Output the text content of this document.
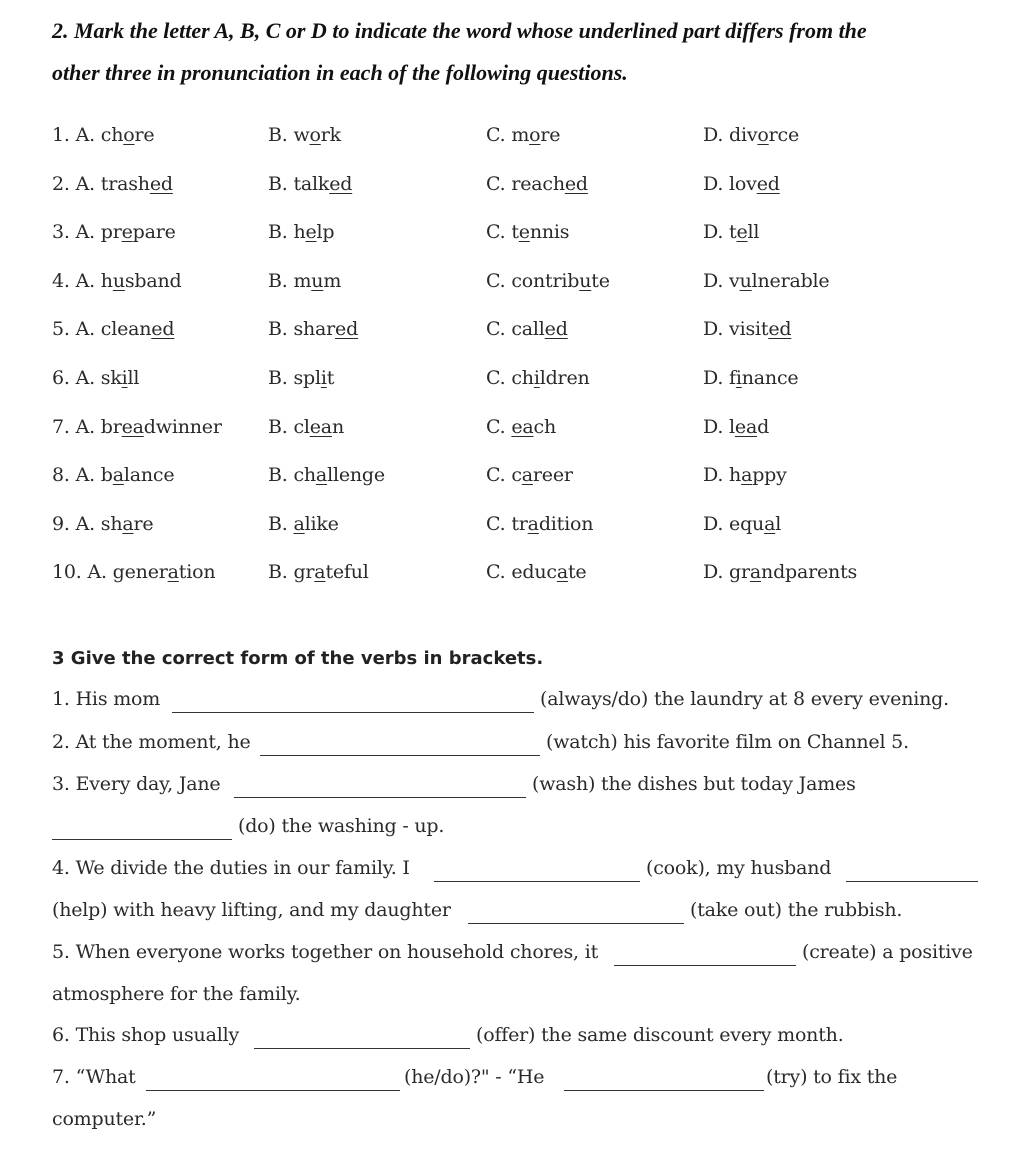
2. Mark the letter A, B, C or D to indicate the word whose underlined part differs from the
other three in pronunciation in each of the following questions.
1. A. chore	B. work	C. more	D. divorce
2. A. trashed	B. talked	C. reached	D. loved
3. A. prepare	B. help	C. tennis	D. tell
4. A. husband	B. mum	C. contribute	D. vulnerable
5. A. cleaned	B. shared	C. called	D. visited
6. A. skill	B. split	C. children	D. finance
7. A. breadwinner B. clean	C. each	D. lead
8. A. balance	B. challenge	C. career	D. happy
9. A. share	B. alike	C. tradition	D. equal
10. A. generation	B. grateful	C. educate	D. grandparents
3 Give the correct form of the verbs in brackets.
1. His mom	(always/do) the laundry at 8 every evening.
2. At the moment, he	(watch) his favorite film on Channel 5.
3. Every day, Jane	(wash) the dishes but today James
(do) the washing - up.
4. We divide the duties in our family. I	(cook), my husband
(help) with heavy lifting, and my daughter	(take out) the rubbish.
5. When everyone works together on household chores, it	(create) a positive
atmosphere for the family.
6. This shop usually	(offer) the same discount every month.
7. “What	(he/do)?" - “He	(try) to fix the
computer.”
